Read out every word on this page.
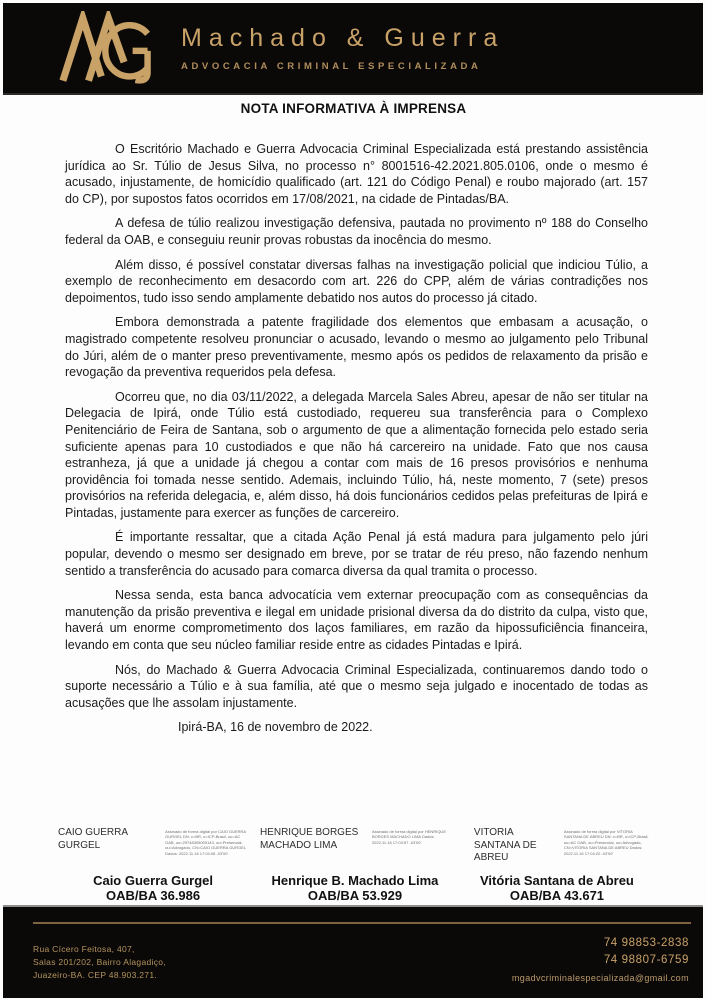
Machado & Guerra
ADVOCACIA CRIMINAL ESPECIALIZADA
NOTA INFORMATIVA À IMPRENSA

O Escritório Machado e Guerra Advocacia Criminal Especializada está prestando assistência jurídica ao Sr. Túlio de Jesus Silva, no processo n° 8001516-42.2021.805.0106, onde o mesmo é acusado, injustamente, de homicídio qualificado (art. 121 do Código Penal) e roubo majorado (art. 157 do CP), por supostos fatos ocorridos em 17/08/2021, na cidade de Pintadas/BA.

A defesa de túlio realizou investigação defensiva, pautada no provimento nº 188 do Conselho federal da OAB, e conseguiu reunir provas robustas da inocência do mesmo.

Além disso, é possível constatar diversas falhas na investigação policial que indiciou Túlio, a exemplo de reconhecimento em desacordo com art. 226 do CPP, além de várias contradições nos depoimentos, tudo isso sendo amplamente debatido nos autos do processo já citado.

Embora demonstrada a patente fragilidade dos elementos que embasam a acusação, o magistrado competente resolveu pronunciar o acusado, levando o mesmo ao julgamento pelo Tribunal do Júri, além de o manter preso preventivamente, mesmo após os pedidos de relaxamento da prisão e revogação da preventiva requeridos pela defesa.

Ocorreu que, no dia 03/11/2022, a delegada Marcela Sales Abreu, apesar de não ser titular na Delegacia de Ipirá, onde Túlio está custodiado, requereu sua transferência para o Complexo Penitenciário de Feira de Santana, sob o argumento de que a alimentação fornecida pelo estado seria suficiente apenas para 10 custodiados e que não há carcereiro na unidade. Fato que nos causa estranheza, já que a unidade já chegou a contar com mais de 16 presos provisórios e nenhuma providência foi tomada nesse sentido. Ademais, incluindo Túlio, há, neste momento, 7 (sete) presos provisórios na referida delegacia, e, além disso, há dois funcionários cedidos pelas prefeituras de Ipirá e Pintadas, justamente para exercer as funções de carcereiro.

É importante ressaltar, que a citada Ação Penal já está madura para julgamento pelo júri popular, devendo o mesmo ser designado em breve, por se tratar de réu preso, não fazendo nenhum sentido a transferência do acusado para comarca diversa da qual tramita o processo.

Nessa senda, esta banca advocatícia vem externar preocupação com as consequências da manutenção da prisão preventiva e ilegal em unidade prisional diversa da do distrito da culpa, visto que, haverá um enorme comprometimento dos laços familiares, em razão da hipossuficiência financeira, levando em conta que seu núcleo familiar reside entre as cidades Pintadas e Ipirá.

Nós, do Machado & Guerra Advocacia Criminal Especializada, continuaremos dando todo o suporte necessário a Túlio e à sua família, até que o mesmo seja julgado e inocentado de todas as acusações que lhe assolam injustamente.

Ipirá-BA, 16 de novembro de 2022.

CAIO GUERRA GURGEL
Assinado de forma digital por CAIO GUERRA GURGEL DN: c=BR, o=ICP-Brasil, ou=AC OAB, ou=29748305000143, ou=Presencial, ou=Advogado, CN=CAIO GUERRA GURGEL Dados: 2022.11.16 17:04:08 -03'00'
Caio Guerra Gurgel
OAB/BA 36.986
HENRIQUE BORGES MACHADO LIMA
Assinado de forma digital por HENRIQUE BORGES MACHADO LIMA Dados: 2022.11.16 17:03:57 -03'00'
Henrique B. Machado Lima
OAB/BA 53.929
VITORIA SANTANA DE ABREU
Assinado de forma digital por VITORIA SANTANA DE ABREU DN: c=BR, o=ICP-Brasil, ou=AC OAB, ou=Presencial, ou=Advogado, CN=VITORIA SANTANA DE ABREU Dados: 2022.11.16 17:04:20 -03'00'
Vitória Santana de Abreu
OAB/BA 43.671
Rua Cícero Feitosa, 407,
Salas 201/202, Bairro Alagadiço,
Juazeiro-BA. CEP 48.903.271.
74 98853-2838
74 98807-6759
mgadvcriminalespecializada@gmail.com
